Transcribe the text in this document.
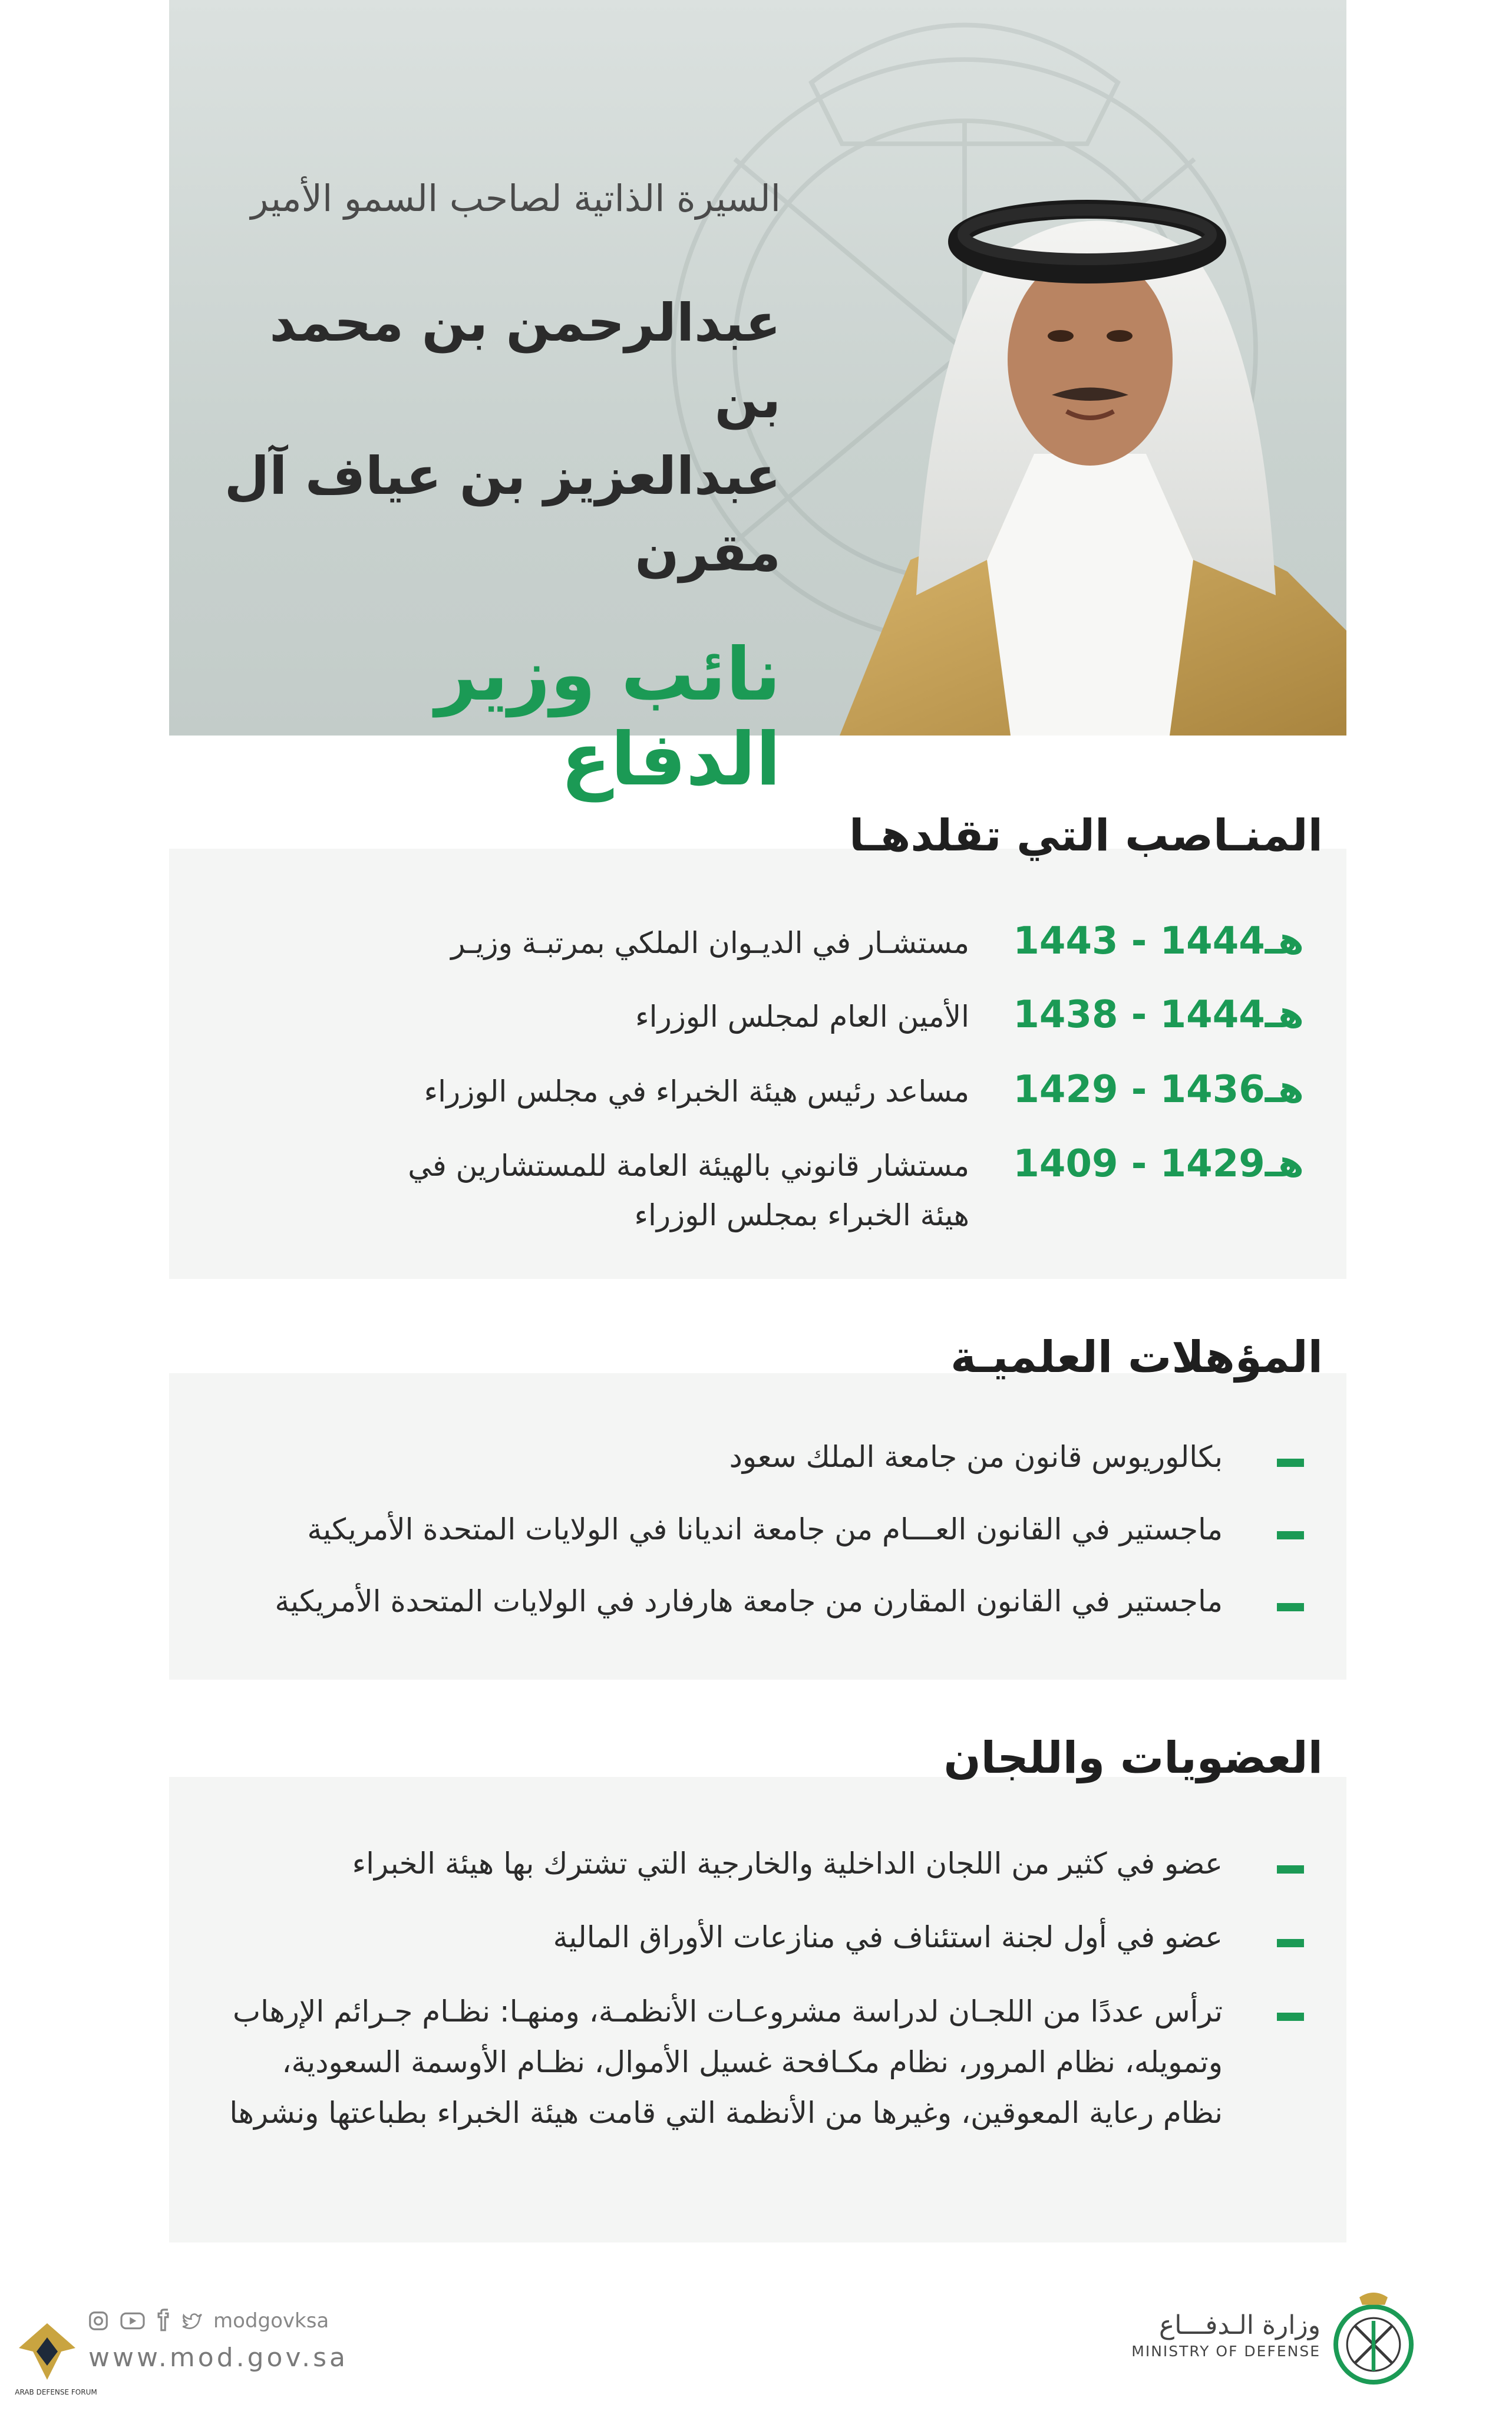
السيرة الذاتية لصاحب السمو الأمير

عبدالرحمن بن محمد بن

عبدالعزيز بن عياف آل مقرن

نائب وزير الدفاع

المنـاصب التي تقلدهـا
1443 - 1444هـ
مستشـار في الديـوان الملكي بمرتبـة وزيـر
1438 - 1444هـ
الأمين العام لمجلس الوزراء
1429 - 1436هـ
مساعد رئيس هيئة الخبراء في مجلس الوزراء
1409 - 1429هـ
مستشار قانوني بالهيئة العامة للمستشارين في هيئة الخبراء بمجلس الوزراء
المؤهلات العلميـة
بكالوريوس قانون من جامعة الملك سعود
ماجستير في القانون العـــام من جامعة انديانا في الولايات المتحدة الأمريكية
ماجستير في القانون المقارن من جامعة هارفارد في الولايات المتحدة الأمريكية
العضويات واللجان
عضو في كثير من اللجان الداخلية والخارجية التي تشترك بها هيئة الخبراء
عضو في أول لجنة استئناف في منازعات الأوراق المالية
ترأس عددًا من اللجـان لدراسة مشروعـات الأنظمـة، ومنهـا: نظـام جـرائم الإرهاب وتمويله، نظام المرور، نظام مكـافحة غسيل الأموال، نظـام الأوسمة السعودية، نظام رعاية المعوقين، وغيرها من الأنظمة التي قامت هيئة الخبراء بطباعتها ونشرها
ARAB DEFENSE FORUM
modgovksa
www.mod.gov.sa
وزارة الـدفـــاع
MINISTRY OF DEFENSE
